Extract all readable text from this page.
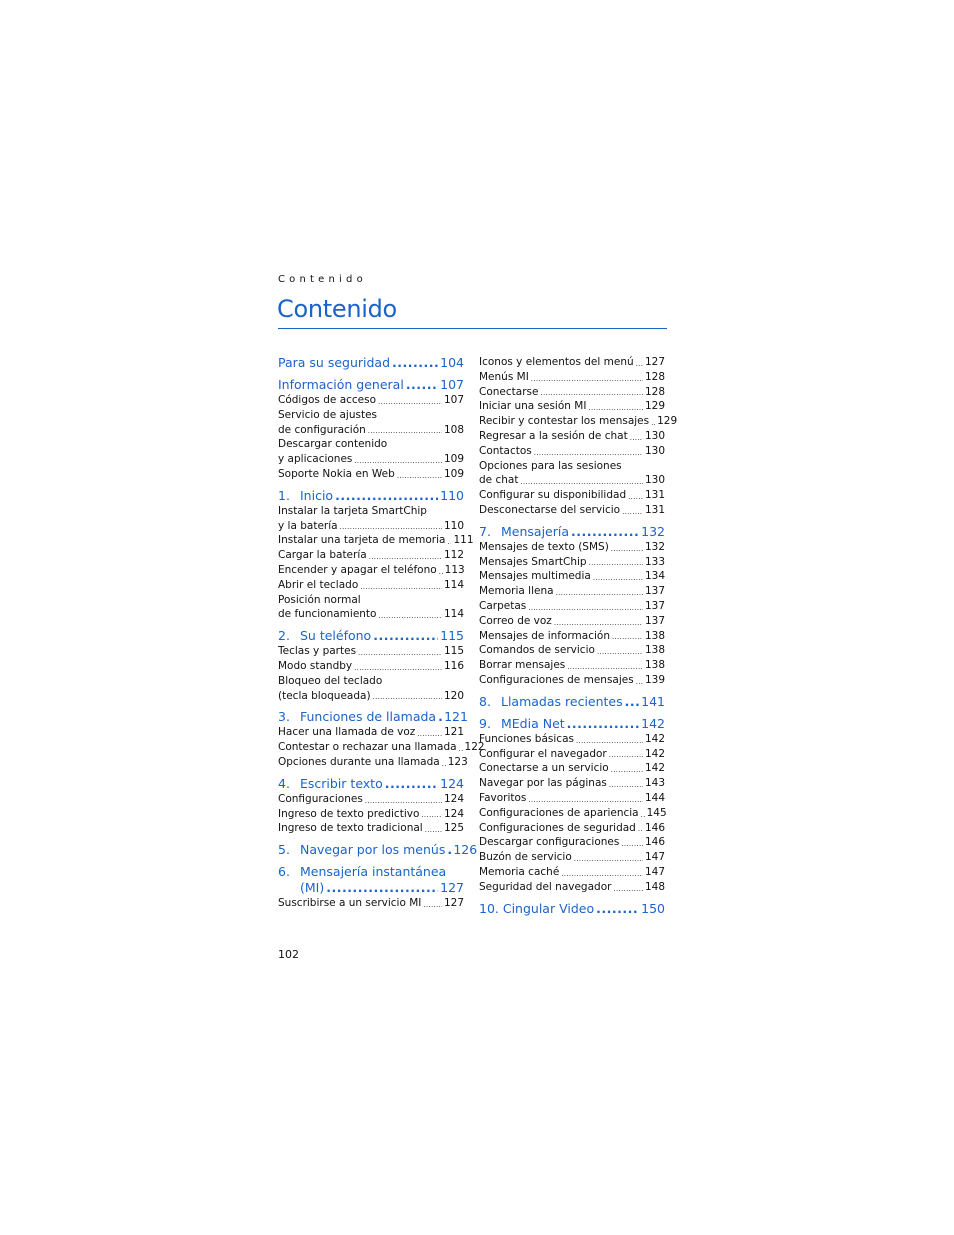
Contenido
Contenido
Para su seguridad .....	104
Información general .....	107
Códigos de acceso .....	107
Servicio de ajustes
de configuración .....	108
Descargar contenido
y aplicaciones .....	109
Soporte Nokia en Web .....	109
1. Inicio .....	110
Instalar la tarjeta SmartChip
y la batería .....	110
Instalar una tarjeta de memoria ..... 111
Cargar la batería .....	112
Encender y apagar el teléfono ..... 113
Abrir el teclado .....	114
Posición normal
de funcionamiento .....	114
2. Su teléfono .....	115
Teclas y partes .....	115
Modo standby .....	116
Bloqueo del teclado
(tecla bloqueada) .....	120
3. Funciones de llamada ..... 121
Hacer una llamada de voz .....	121
Contestar o rechazar una llamada ..... 122
Opciones durante una llamada ..... 123
4. Escribir texto .....	124
Configuraciones .....	124
Ingreso de texto predictivo ..... 124
Ingreso de texto tradicional ..... 125
5. Navegar por los menús ..... 126
6. Mensajería instantánea
(MI) .....	127
Suscribirse a un servicio MI ..... 127
Iconos y elementos del menú ..... 127
Menús MI .....	128
Conectarse .....	128
Iniciar una sesión MI .....	129
Recibir y contestar los mensajes ..... 129
Regresar a la sesión de chat ..... 130
Contactos .....	130
Opciones para las sesiones
de chat .....	130
Configurar su disponibilidad ..... 131
Desconectarse del servicio ..... 131
7. Mensajería .....	132
Mensajes de texto (SMS) .....	132
Mensajes SmartChip .....	133
Mensajes multimedia .....	134
Memoria llena .....	137
Carpetas .....	137
Correo de voz .....	137
Mensajes de información .....	138
Comandos de servicio .....	138
Borrar mensajes .....	138
Configuraciones de mensajes ..... 139
8. Llamadas recientes ..... 141
9. MEdia Net .....	142
Funciones básicas .....	142
Configurar el navegador .....	142
Conectarse a un servicio .....	142
Navegar por las páginas .....	143
Favoritos .....	144
Configuraciones de apariencia ..... 145
Configuraciones de seguridad ..... 146
Descargar configuraciones ..... 146
Buzón de servicio .....	147
Memoria caché .....	147
Seguridad del navegador .....	148
10. Cingular Video .....	150
102
